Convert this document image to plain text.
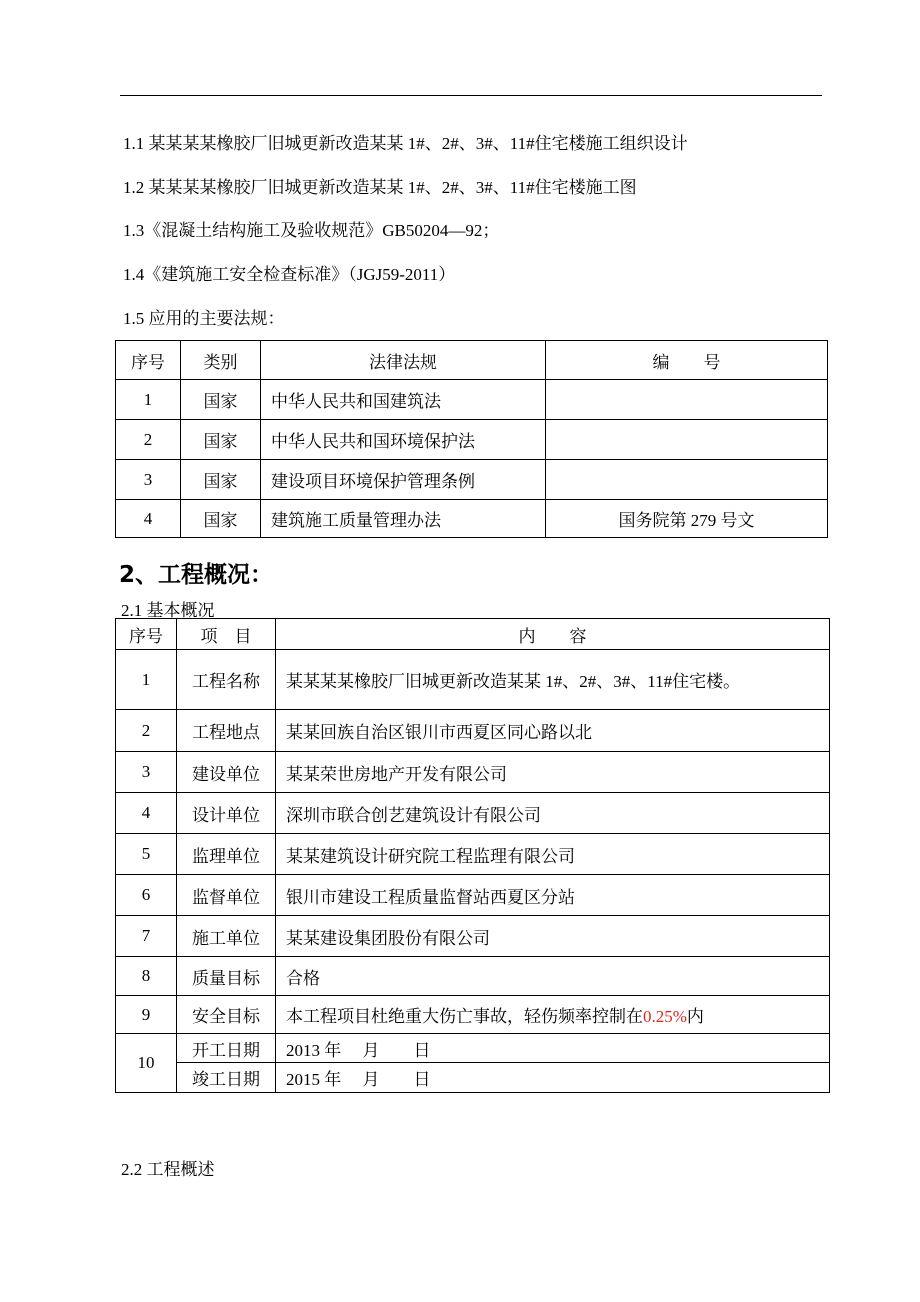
1.1 某某某某橡胶厂旧城更新改造某某 1#、2#、3#、11#住宅楼施工组织设计
1.2 某某某某橡胶厂旧城更新改造某某 1#、2#、3#、11#住宅楼施工图
1.3《混凝土结构施工及验收规范》GB50204—92；
1.4《建筑施工安全检查标准》（JGJ59-2011）
1.5 应用的主要法规：
序号	类别	法律法规	编　　号
1	国家	中华人民共和国建筑法	
2	国家	中华人民共和国环境保护法	
3	国家	建设项目环境保护管理条例	
4	国家	建筑施工质量管理办法	国务院第 279 号文
2、工程概况：
2.1 基本概况
序号	项　目	内　　容
1	工程名称	某某某某橡胶厂旧城更新改造某某 1#、2#、3#、11#住宅楼。
2	工程地点	某某回族自治区银川市西夏区同心路以北
3	建设单位	某某荣世房地产开发有限公司
4	设计单位	深圳市联合创艺建筑设计有限公司
5	监理单位	某某建筑设计研究院工程监理有限公司
6	监督单位	银川市建设工程质量监督站西夏区分站
7	施工单位	某某建设集团股份有限公司
8	质量目标	合格
9	安全目标	本工程项目杜绝重大伤亡事故，轻伤频率控制在0.25%内
10	开工日期	2013 年　 月　　日
	竣工日期	2015 年　 月　　日
2.2 工程概述
